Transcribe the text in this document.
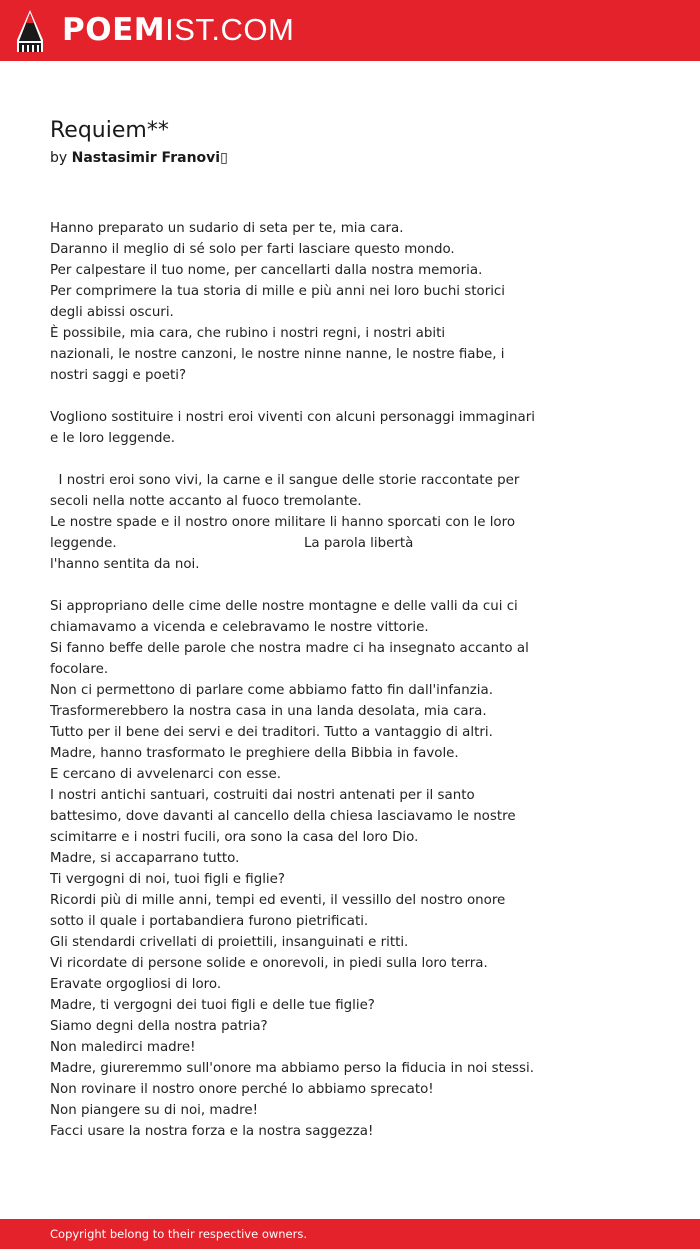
POEMIST.COM
Requiem**
by Nastasimir Franovi▯
Hanno preparato un sudario di seta per te, mia cara.
Daranno il meglio di sé solo per farti lasciare questo mondo.
Per calpestare il tuo nome, per cancellarti dalla nostra memoria.
Per comprimere la tua storia di mille e più anni nei loro buchi storici
degli abissi oscuri.
È possibile, mia cara, che rubino i nostri regni, i nostri abiti
nazionali, le nostre canzoni, le nostre ninne nanne, le nostre fiabe, i
nostri saggi e poeti?
Vogliono sostituire i nostri eroi viventi con alcuni personaggi immaginari
e le loro leggende.
I nostri eroi sono vivi, la carne e il sangue delle storie raccontate per
secoli nella notte accanto al fuoco tremolante.
Le nostre spade e il nostro onore militare li hanno sporcati con le loro
leggende.                                            La parola libertà
l'hanno sentita da noi.
Si appropriano delle cime delle nostre montagne e delle valli da cui ci
chiamavamo a vicenda e celebravamo le nostre vittorie.
Si fanno beffe delle parole che nostra madre ci ha insegnato accanto al
focolare.
Non ci permettono di parlare come abbiamo fatto fin dall'infanzia.
Trasformerebbero la nostra casa in una landa desolata, mia cara.
Tutto per il bene dei servi e dei traditori. Tutto a vantaggio di altri.
Madre, hanno trasformato le preghiere della Bibbia in favole.
E cercano di avvelenarci con esse.
I nostri antichi santuari, costruiti dai nostri antenati per il santo
battesimo, dove davanti al cancello della chiesa lasciavamo le nostre
scimitarre e i nostri fucili, ora sono la casa del loro Dio.
Madre, si accaparrano tutto.
Ti vergogni di noi, tuoi figli e figlie?
Ricordi più di mille anni, tempi ed eventi, il vessillo del nostro onore
sotto il quale i portabandiera furono pietrificati.
Gli stendardi crivellati di proiettili, insanguinati e ritti.
Vi ricordate di persone solide e onorevoli, in piedi sulla loro terra.
Eravate orgogliosi di loro.
Madre, ti vergogni dei tuoi figli e delle tue figlie?
Siamo degni della nostra patria?
Non maledirci madre!
Madre, giureremmo sull'onore ma abbiamo perso la fiducia in noi stessi.
Non rovinare il nostro onore perché lo abbiamo sprecato!
Non piangere su di noi, madre!
Facci usare la nostra forza e la nostra saggezza!
Copyright belong to their respective owners.
